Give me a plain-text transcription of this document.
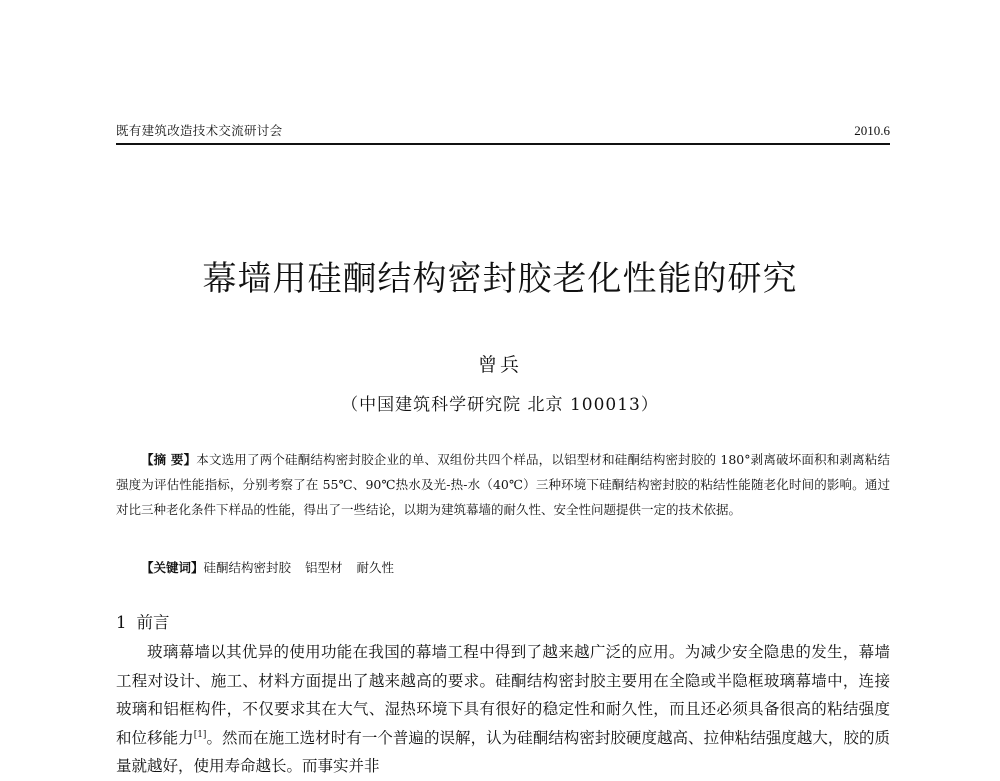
既有建筑改造技术交流研讨会	2010.6
幕墙用硅酮结构密封胶老化性能的研究
曾兵
（中国建筑科学研究院 北京 100013）
【摘 要】本文选用了两个硅酮结构密封胶企业的单、双组份共四个样品，以铝型材和硅酮结构密封胶的 180°剥离破坏面积和剥离粘结强度为评估性能指标，分别考察了在 55℃、90℃热水及光-热-水（40℃）三种环境下硅酮结构密封胶的粘结性能随老化时间的影响。通过对比三种老化条件下样品的性能，得出了一些结论，以期为建筑幕墙的耐久性、安全性问题提供一定的技术依据。
【关键词】硅酮结构密封胶 铝型材 耐久性
1 前言
玻璃幕墙以其优异的使用功能在我国的幕墙工程中得到了越来越广泛的应用。为减少安全隐患的发生，幕墙工程对设计、施工、材料方面提出了越来越高的要求。硅酮结构密封胶主要用在全隐或半隐框玻璃幕墙中，连接玻璃和铝框构件，不仅要求其在大气、湿热环境下具有很好的稳定性和耐久性，而且还必须具备很高的粘结强度和位移能力[1]。然而在施工选材时有一个普遍的误解，认为硅酮结构密封胶硬度越高、拉伸粘结强度越大，胶的质量就越好，使用寿命越长。而事实并非
